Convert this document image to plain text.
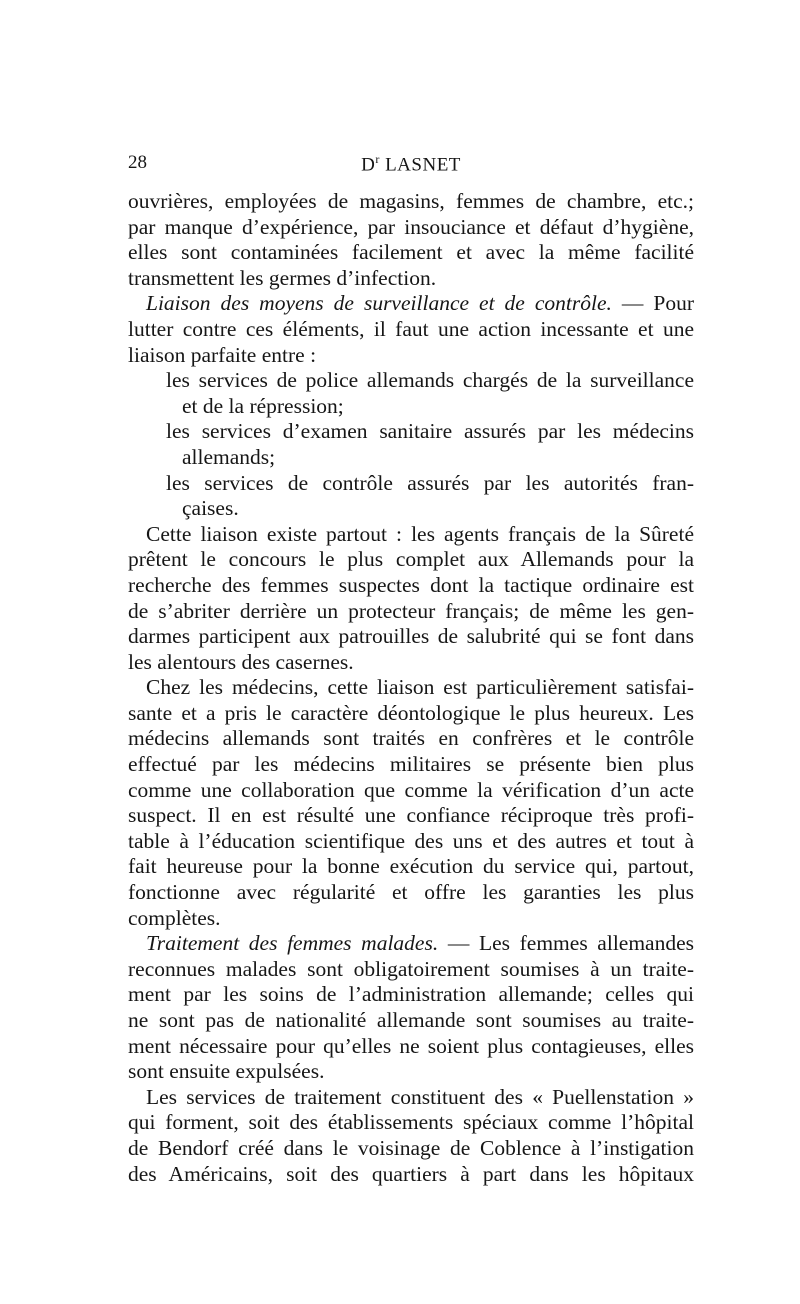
28	$D^r$ LASNET
ouvrières, employées de magasins, femmes de chambre, etc.;
par manque d’expérience, par insouciance et défaut d’hygiène,
elles sont contaminées facilement et avec la même facilité
transmettent les germes d’infection.
Liaison des moyens de surveillance et de contrôle. — Pour
lutter contre ces éléments, il faut une action incessante et une
liaison parfaite entre :
les services de police allemands chargés de la surveillance
et de la répression;
les services d’examen sanitaire assurés par les médecins
allemands;
les services de contrôle assurés par les autorités fran-
çaises.
Cette liaison existe partout : les agents français de la Sûreté
prêtent le concours le plus complet aux Allemands pour la
recherche des femmes suspectes dont la tactique ordinaire est
de s’abriter derrière un protecteur français; de même les gen-
darmes participent aux patrouilles de salubrité qui se font dans
les alentours des casernes.
Chez les médecins, cette liaison est particulièrement satisfai-
sante et a pris le caractère déontologique le plus heureux. Les
médecins allemands sont traités en confrères et le contrôle
effectué par les médecins militaires se présente bien plus
comme une collaboration que comme la vérification d’un acte
suspect. Il en est résulté une confiance réciproque très profi-
table à l’éducation scientifique des uns et des autres et tout à
fait heureuse pour la bonne exécution du service qui, partout,
fonctionne avec régularité et offre les garanties les plus
complètes.
Traitement des femmes malades. — Les femmes allemandes
reconnues malades sont obligatoirement soumises à un traite-
ment par les soins de l’administration allemande; celles qui
ne sont pas de nationalité allemande sont soumises au traite-
ment nécessaire pour qu’elles ne soient plus contagieuses, elles
sont ensuite expulsées.
Les services de traitement constituent des « Puellenstation »
qui forment, soit des établissements spéciaux comme l’hôpital
de Bendorf créé dans le voisinage de Coblence à l’instigation
des Américains, soit des quartiers à part dans les hôpitaux
